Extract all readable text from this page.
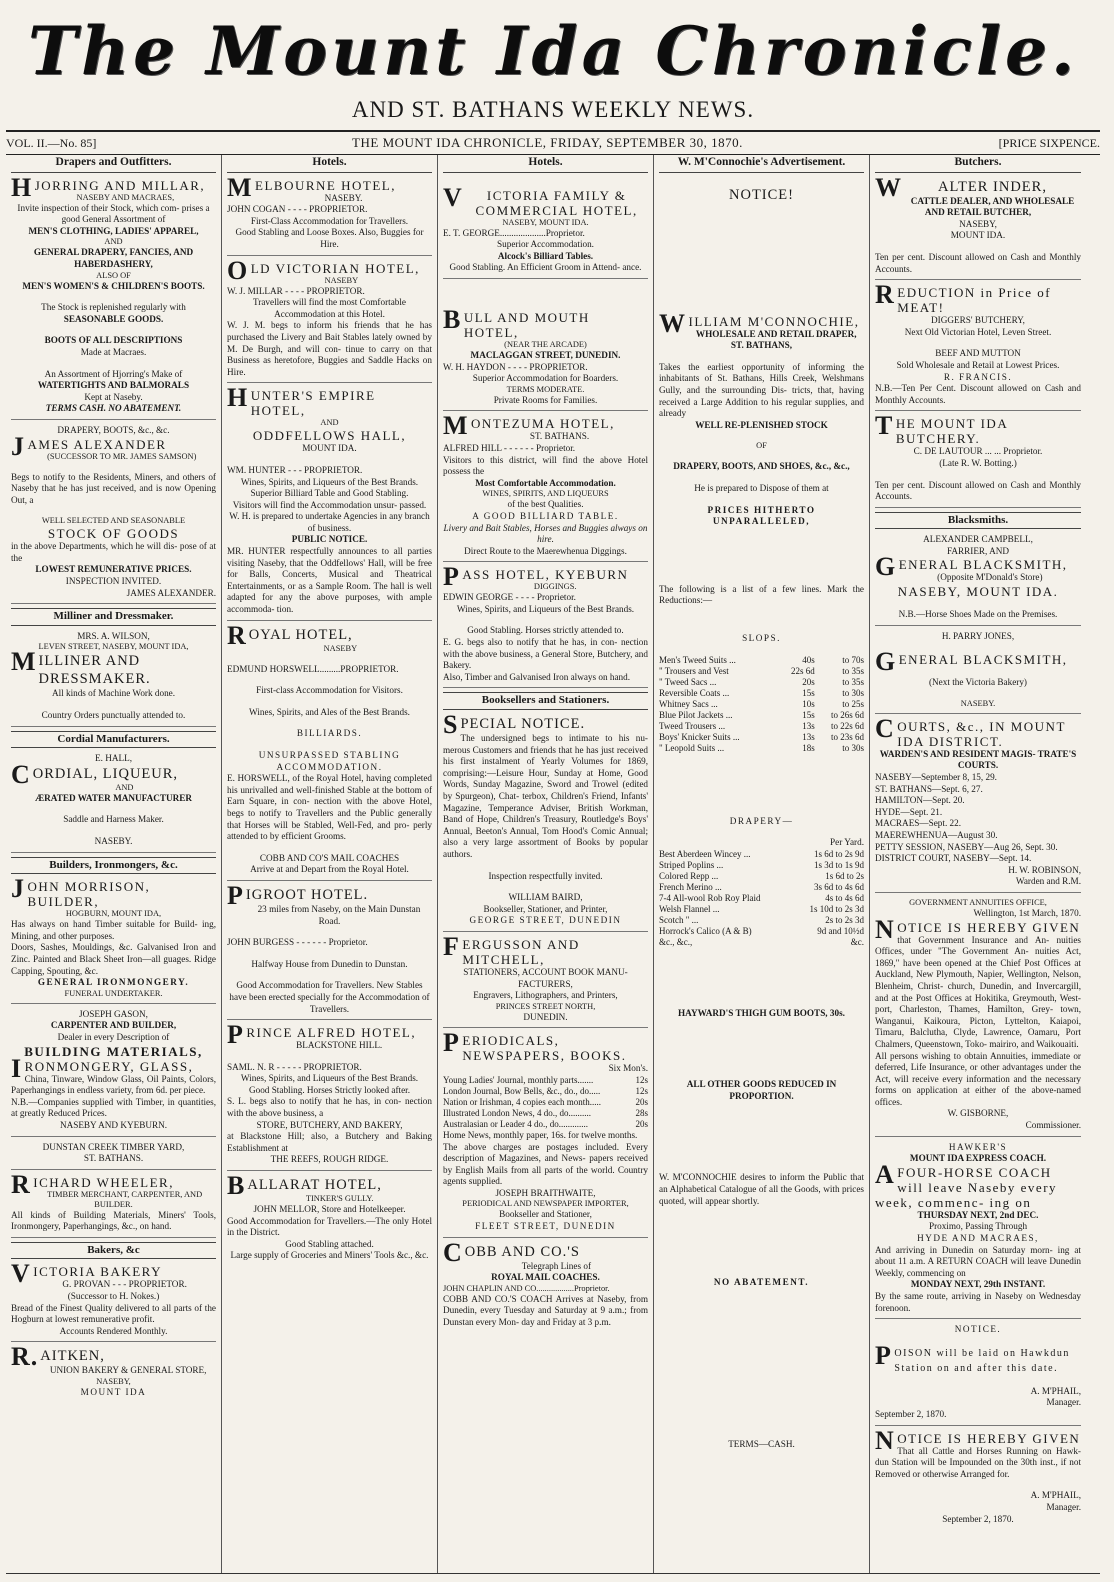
The Mount Ida Chronicle.
AND ST. BATHANS WEEKLY NEWS.
VOL. II.—No. 85]	THE MOUNT IDA CHRONICLE, FRIDAY, SEPTEMBER 30, 1870.	[PRICE SIXPENCE.
Drapers and Outfitters.
HJORRING AND MILLAR,
NASEBY AND MACRAES,
Invite inspection of their Stock, which com- prises a good General Assortment of
MEN'S CLOTHING, LADIES' APPAREL,
AND
GENERAL DRAPERY, FANCIES, AND HABERDASHERY,
ALSO OF
MEN'S WOMEN'S & CHILDREN'S BOOTS.
The Stock is replenished regularly with
SEASONABLE GOODS.
BOOTS OF ALL DESCRIPTIONS
Made at Macraes.
An Assortment of Hjorring's Make of
WATERTIGHTS AND BALMORALS
Kept at Naseby.
TERMS CASH. NO ABATEMENT.
DRAPERY, BOOTS, &c., &c.
JAMES ALEXANDER
(SUCCESSOR TO MR. JAMES SAMSON)
Begs to notify to the Residents, Miners, and others of Naseby that he has just received, and is now Opening Out, a
WELL SELECTED AND SEASONABLE
STOCK OF GOODS
in the above Departments, which he will dis- pose of at the
LOWEST REMUNERATIVE PRICES.
INSPECTION INVITED.
JAMES ALEXANDER.
Milliner and Dressmaker.
MRS. A. WILSON,
LEVEN STREET, NASEBY, MOUNT IDA,
MILLINER AND DRESSMAKER.
All kinds of Machine Work done.
Country Orders punctually attended to.
Cordial Manufacturers.
E. HALL,
CORDIAL, LIQUEUR,
AND
ÆRATED WATER MANUFACTURER
Saddle and Harness Maker.
NASEBY.
Builders, Ironmongers, &c.
JOHN MORRISON, BUILDER,
HOGBURN, MOUNT IDA,
Has always on hand Timber suitable for Build- ing, Mining, and other purposes.
Doors, Sashes, Mouldings, &c. Galvanised Iron and Zinc. Painted and Black Sheet Iron—all guages. Ridge Capping, Spouting, &c.
GENERAL IRONMONGERY.
FUNERAL UNDERTAKER.
JOSEPH GASON,
CARPENTER AND BUILDER,
Dealer in every Description of
BUILDING MATERIALS,
IRONMONGERY, GLASS,
China, Tinware, Window Glass, Oil Paints, Colors, Paperhangings in endless variety, from 6d. per piece.
N.B.—Companies supplied with Timber, in quantities, at greatly Reduced Prices.
NASEBY AND KYEBURN.
DUNSTAN CREEK TIMBER YARD,
ST. BATHANS.
RICHARD WHEELER,
TIMBER MERCHANT, CARPENTER, AND BUILDER.
All kinds of Building Materials, Miners' Tools, Ironmongery, Paperhangings, &c., on hand.
Bakers, &c
VICTORIA BAKERY
G. PROVAN - - - PROPRIETOR.
(Successor to H. Nokes.)
Bread of the Finest Quality delivered to all parts of the Hogburn at lowest remunerative profit.
Accounts Rendered Monthly.
R.AITKEN,
UNION BAKERY & GENERAL STORE,
NASEBY,
MOUNT IDA
Hotels.
MELBOURNE HOTEL,
NASEBY.
JOHN COGAN - - - - PROPRIETOR.
First-Class Accommodation for Travellers.
Good Stabling and Loose Boxes. Also, Buggies for Hire.
OLD VICTORIAN HOTEL,
NASEBY
W. J. MILLAR - - - - PROPRIETOR.
Travellers will find the most Comfortable Accommodation at this Hotel.
W. J. M. begs to inform his friends that he has purchased the Livery and Bait Stables lately owned by M. De Burgh, and will con- tinue to carry on that Business as heretofore, Buggies and Saddle Hacks on Hire.
HUNTER'S EMPIRE HOTEL,
AND
ODDFELLOWS HALL,
MOUNT IDA.
WM. HUNTER - - - PROPRIETOR.
Wines, Spirits, and Liqueurs of the Best Brands.
Superior Billiard Table and Good Stabling.
Visitors will find the Accommodation unsur- passed.
W. H. is prepared to undertake Agencies in any branch of business.
PUBLIC NOTICE.
MR. HUNTER respectfully announces to all parties visiting Naseby, that the Oddfellows' Hall, will be free for Balls, Concerts, Musical and Theatrical Entertainments, or as a Sample Room. The hall is well adapted for any the above purposes, with ample accommoda- tion.
ROYAL HOTEL,
NASEBY
EDMUND HORSWELL.........PROPRIETOR.
First-class Accommodation for Visitors.
Wines, Spirits, and Ales of the Best Brands.
BILLIARDS.
UNSURPASSED STABLING ACCOMMODATION.
E. HORSWELL, of the Royal Hotel, having completed his unrivalled and well-finished Stable at the bottom of Earn Square, in con- nection with the above Hotel, begs to notify to Travellers and the Public generally that Horses will be Stabled, Well-Fed, and pro- perly attended to by efficient Grooms.
COBB AND CO'S MAIL COACHES
Arrive at and Depart from the Royal Hotel.
PIGROOT HOTEL.
23 miles from Naseby, on the Main Dunstan Road.
JOHN BURGESS - - - - - - Proprietor.
Halfway House from Dunedin to Dunstan.
Good Accommodation for Travellers. New Stables have been erected specially for the Accommodation of Travellers.
PRINCE ALFRED HOTEL,
BLACKSTONE HILL.
SAML. N. R - - - - - PROPRIETOR.
Wines, Spirits, and Liqueurs of the Best Brands.
Good Stabling. Horses Strictly looked after.
S. L. begs also to notify that he has, in con- nection with the above business, a
STORE, BUTCHERY, AND BAKERY,
at Blackstone Hill; also, a Butchery and Baking Establishment at
THE REEFS, ROUGH RIDGE.
BALLARAT HOTEL,
TINKER'S GULLY.
JOHN MELLOR, Store and Hotelkeeper.
Good Accommodation for Travellers.—The only Hotel in the District.
Good Stabling attached.
Large supply of Groceries and Miners' Tools &c., &c.
Hotels.
VICTORIA FAMILY & COMMERCIAL HOTEL,
NASEBY, MOUNT IDA.
E. T. GEORGE....................Proprietor.
Superior Accommodation.
Alcock's Billiard Tables.
Good Stabling. An Efficient Groom in Attend- ance.
BULL AND MOUTH HOTEL,
(NEAR THE ARCADE)
MACLAGGAN STREET, DUNEDIN.
W. H. HAYDON - - - - PROPRIETOR.
Superior Accommodation for Boarders.
TERMS MODERATE.
Private Rooms for Families.
MONTEZUMA HOTEL,
ST. BATHANS.
ALFRED HILL - - - - - - Proprietor.
Visitors to this district, will find the above Hotel possess the
Most Comfortable Accommodation.
WINES, SPIRITS, AND LIQUEURS
of the best Qualities.
A GOOD BILLIARD TABLE.
Livery and Bait Stables, Horses and Buggies always on hire.
Direct Route to the Maerewhenua Diggings.
PASS HOTEL, KYEBURN
DIGGINGS.
EDWIN GEORGE - - - - Proprietor.
Wines, Spirits, and Liqueurs of the Best Brands.
Good Stabling. Horses strictly attended to.
E. G. begs also to notify that he has, in con- nection with the above business, a General Store, Butchery, and Bakery.
Also, Timber and Galvanised Iron always on hand.
Booksellers and Stationers.
SPECIAL NOTICE.
The undersigned begs to intimate to his nu- merous Customers and friends that he has just received his first instalment of Yearly Volumes for 1869, comprising:—Leisure Hour, Sunday at Home, Good Words, Sunday Magazine, Sword and Trowel (edited by Spurgeon), Chat- terbox, Children's Friend, Infants' Magazine, Temperance Adviser, British Workman, Band of Hope, Children's Treasury, Routledge's Boys' Annual, Beeton's Annual, Tom Hood's Comic Annual; also a very large assortment of Books by popular authors.
Inspection respectfully invited.
WILLIAM BAIRD,
Bookseller, Stationer, and Printer,
GEORGE STREET, DUNEDIN
FERGUSSON AND MITCHELL,
STATIONERS, ACCOUNT BOOK MANU- FACTURERS,
Engravers, Lithographers, and Printers,
PRINCES STREET NORTH,
DUNEDIN.
PERIODICALS, NEWSPAPERS, BOOKS.
Six Mon's.
Young Ladies' Journal, monthly parts.......	12s
London Journal, Bow Bells, &c., do., do.....	12s
Nation or Irishman, 4 copies each month.....	20s
Illustrated London News, 4 do., do..........	28s
Australasian or Leader 4 do., do.............	20s
Home News, monthly paper, 16s. for twelve months.
The above charges are postages included. Every description of Magazines, and News- papers received by English Mails from all parts of the world. Country agents supplied.
JOSEPH BRAITHWAITE,
PERIODICAL AND NEWSPAPER IMPORTER,
Bookseller and Stationer,
FLEET STREET, DUNEDIN
COBB AND CO.'S
Telegraph Lines of
ROYAL MAIL COACHES.
JOHN CHAPLIN AND CO..................Proprietor.
COBB AND CO.'S COACH Arrives at Naseby, from Dunedin, every Tuesday and Saturday at 9 a.m.; from Dunstan every Mon- day and Friday at 3 p.m.
W. M'Connochie's Advertisement.
NOTICE!
WILLIAM M'CONNOCHIE,
WHOLESALE AND RETAIL DRAPER, ST. BATHANS,
Takes the earliest opportunity of informing the inhabitants of St. Bathans, Hills Creek, Welshmans Gully, and the surrounding Dis- tricts, that, having received a Large Addition to his regular supplies, and already
WELL RE-PLENISHED STOCK
OF
DRAPERY, BOOTS, AND SHOES, &c., &c.,
He is prepared to Dispose of them at
PRICES HITHERTO UNPARALLELED,
The following is a list of a few lines. Mark the Reductions:—
SLOPS.
Men's Tweed Suits ...	40s	to 70s
" Trousers and Vest	22s 6d	to 35s
" Tweed Sacs ...	20s	to 35s
Reversible Coats ...	15s	to 30s
Whitney Sacs ...	10s	to 25s
Blue Pilot Jackets ...	15s	to 26s 6d
Tweed Trousers ...	13s	to 22s 6d
Boys' Knicker Suits ...	13s	to 23s 6d
" Leopold Suits ...	18s	to 30s
DRAPERY—
Per Yard.
Best Aberdeen Wincey ...	1s 6d to 2s 9d
Striped Poplins ...	1s 3d to 1s 9d
Colored Repp ...	1s 6d to 2s
French Merino ...	3s 6d to 4s 6d
7-4 All-wool Rob Roy Plaid	4s to 4s 6d
Welsh Flannel ...	1s 10d to 2s 3d
Scotch " ...	2s to 2s 3d
Horrock's Calico (A & B)	9d and 10½d
&c., &c.,	&c.
HAYWARD'S THIGH GUM BOOTS, 30s.
ALL OTHER GOODS REDUCED IN PROPORTION.
W. M'CONNOCHIE desires to inform the Public that an Alphabetical Catalogue of all the Goods, with prices quoted, will appear shortly.
NO ABATEMENT.
TERMS—CASH.
Butchers.
WALTER INDER,
CATTLE DEALER, AND WHOLESALE AND RETAIL BUTCHER,
NASEBY,
MOUNT IDA.
Ten per cent. Discount allowed on Cash and Monthly Accounts.
REDUCTION in Price of MEAT!
DIGGERS' BUTCHERY,
Next Old Victorian Hotel, Leven Street.
BEEF AND MUTTON
Sold Wholesale and Retail at Lowest Prices.
R. FRANCIS.
N.B.—Ten Per Cent. Discount allowed on Cash and Monthly Accounts.
THE MOUNT IDA BUTCHERY.
C. DE LAUTOUR ... ... Proprietor.
(Late R. W. Botting.)
Ten per cent. Discount allowed on Cash and Monthly Accounts.
Blacksmiths.
ALEXANDER CAMPBELL,
FARRIER, AND
GENERAL BLACKSMITH,
(Opposite M'Donald's Store)
NASEBY, MOUNT IDA.
N.B.—Horse Shoes Made on the Premises.
H. PARRY JONES,
GENERAL BLACKSMITH,
(Next the Victoria Bakery)
NASEBY.
COURTS, &c., IN MOUNT IDA DISTRICT.
WARDEN'S AND RESIDENT MAGIS- TRATE'S COURTS.
NASEBY—September 8, 15, 29.
ST. BATHANS—Sept. 6, 27.
HAMILTON—Sept. 20.
HYDE—Sept. 21.
MACRAES—Sept. 22.
MAEREWHENUA—August 30.
PETTY SESSION, NASEBY—Aug 26, Sept. 30.
DISTRICT COURT, NASEBY—Sept. 14.
H. W. ROBINSON,
Warden and R.M.
GOVERNMENT ANNUITIES OFFICE,
Wellington, 1st March, 1870.
NOTICE IS HEREBY GIVEN
that Government Insurance and An- nuities Offices, under "The Government An- nuities Act, 1869," have been opened at the Chief Post Offices at Auckland, New Plymouth, Napier, Wellington, Nelson, Blenheim, Christ- church, Dunedin, and Invercargill, and at the Post Offices at Hokitika, Greymouth, West- port, Charleston, Thames, Hamilton, Grey- town, Wanganui, Kaikoura, Picton, Lyttelton, Kaiapoi, Timaru, Balclutha, Clyde, Lawrence, Oamaru, Port Chalmers, Queenstown, Toko- mairiro, and Waikouaiti.
All persons wishing to obtain Annuities, immediate or deferred, Life Insurance, or other advantages under the Act, will receive every information and the necessary forms on application at either of the above-named offices.
W. GISBORNE,
Commissioner.
HAWKER'S
MOUNT IDA EXPRESS COACH.
AFOUR-HORSE COACH will leave Naseby every week, commenc- ing on
THURSDAY NEXT, 2nd DEC.
Proximo, Passing Through
HYDE AND MACRAES,
And arriving in Dunedin on Saturday morn- ing at about 11 a.m. A RETURN COACH will leave Dunedin Weekly, commencing on
MONDAY NEXT, 29th INSTANT.
By the same route, arriving in Naseby on Wednesday forenoon.
NOTICE.
POISON will be laid on Hawkdun Station on and after this date.
A. M'PHAIL,
Manager.
September 2, 1870.
NOTICE IS HEREBY GIVEN
That all Cattle and Horses Running on Hawk- dun Station will be Impounded on the 30th inst., if not Removed or otherwise Arranged for.
A. M'PHAIL,
Manager.
September 2, 1870.
